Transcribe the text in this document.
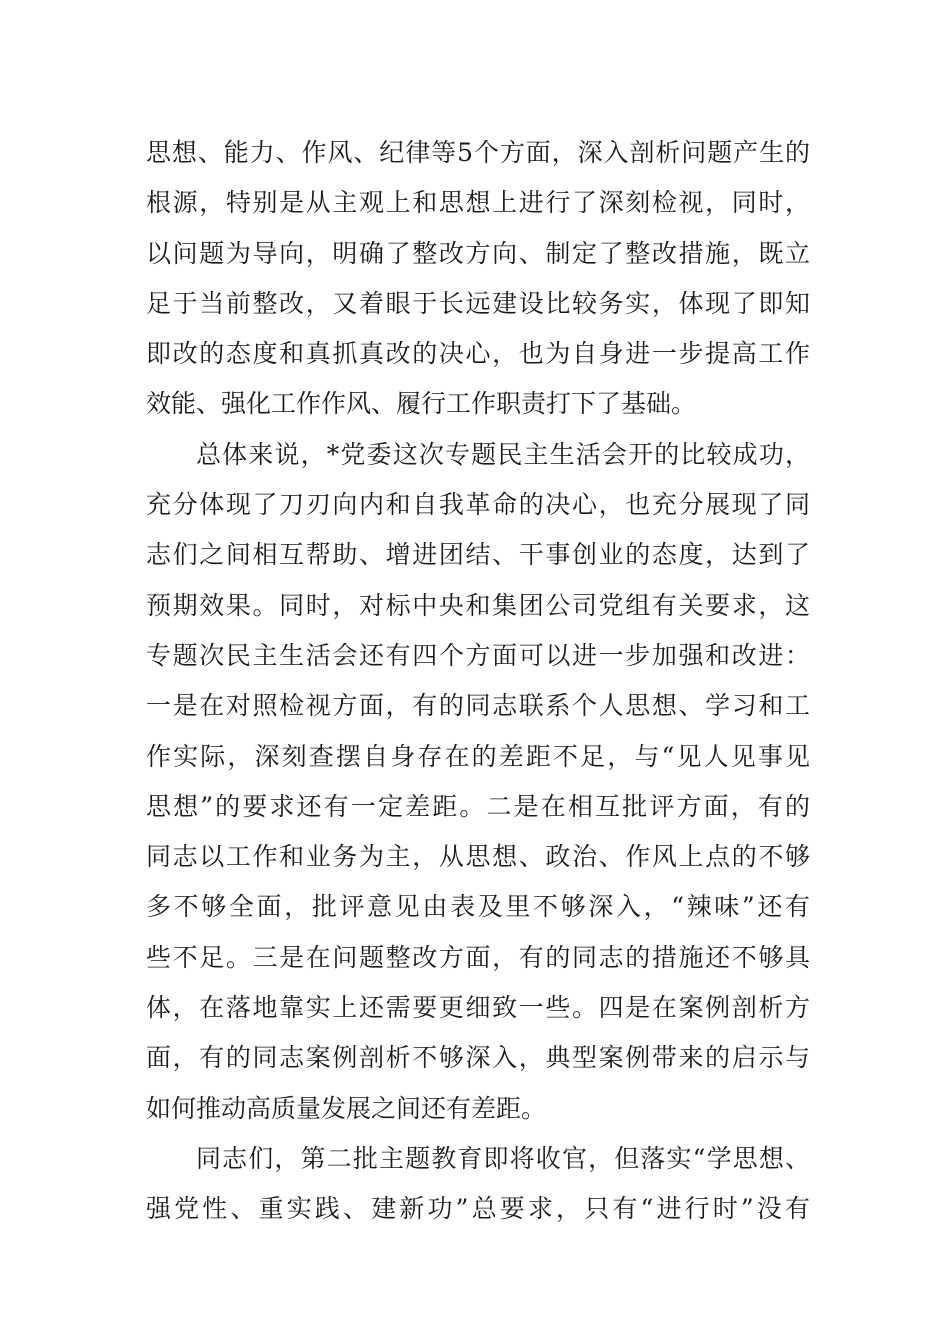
思想、能力、作风、纪律等5个方面，深入剖析问题产生的
根源，特别是从主观上和思想上进行了深刻检视，同时，
以问题为导向，明确了整改方向、制定了整改措施，既立
足于当前整改，又着眼于长远建设比较务实，体现了即知
即改的态度和真抓真改的决心，也为自身进一步提高工作
效能、强化工作作风、履行工作职责打下了基础。
总体来说，*党委这次专题民主生活会开的比较成功，
充分体现了刀刃向内和自我革命的决心，也充分展现了同
志们之间相互帮助、增进团结、干事创业的态度，达到了
预期效果。同时，对标中央和集团公司党组有关要求，这
专题次民主生活会还有四个方面可以进一步加强和改进：
一是在对照检视方面，有的同志联系个人思想、学习和工
作实际，深刻查摆自身存在的差距不足，与“见人见事见
思想”的要求还有一定差距。二是在相互批评方面，有的
同志以工作和业务为主，从思想、政治、作风上点的不够
多不够全面，批评意见由表及里不够深入，“辣味”还有
些不足。三是在问题整改方面，有的同志的措施还不够具
体，在落地靠实上还需要更细致一些。四是在案例剖析方
面，有的同志案例剖析不够深入，典型案例带来的启示与
如何推动高质量发展之间还有差距。
同志们，第二批主题教育即将收官，但落实“学思想、
强党性、重实践、建新功”总要求，只有“进行时”没有
